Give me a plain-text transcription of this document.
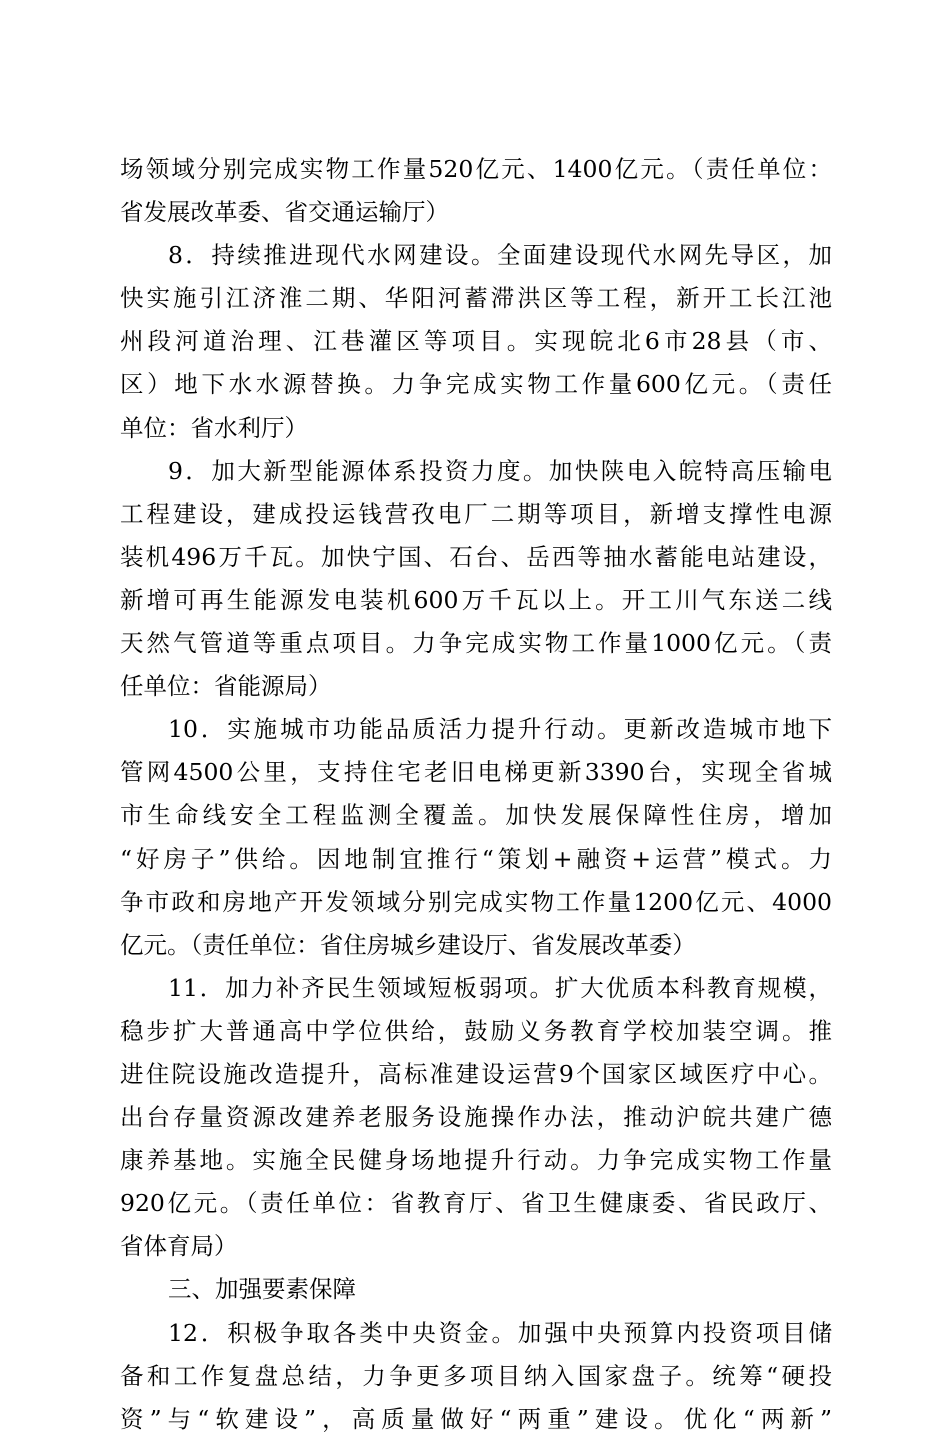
场领域分别完成实物工作量520亿元、1400亿元。（责任单位：
省发展改革委、省交通运输厅）
8．持续推进现代水网建设。全面建设现代水网先导区，加
快实施引江济淮二期、华阳河蓄滞洪区等工程，新开工长江池
州段河道治理、江巷灌区等项目。实现皖北6市28县（市、
区）地下水水源替换。力争完成实物工作量600亿元。（责任
单位：省水利厅）
9．加大新型能源体系投资力度。加快陕电入皖特高压输电
工程建设，建成投运钱营孜电厂二期等项目，新增支撑性电源
装机496万千瓦。加快宁国、石台、岳西等抽水蓄能电站建设，
新增可再生能源发电装机600万千瓦以上。开工川气东送二线
天然气管道等重点项目。力争完成实物工作量1000亿元。（责
任单位：省能源局）
10．实施城市功能品质活力提升行动。更新改造城市地下
管网4500公里，支持住宅老旧电梯更新3390台，实现全省城
市生命线安全工程监测全覆盖。加快发展保障性住房，增加
“好房子”供给。因地制宜推行“策划+融资+运营”模式。力
争市政和房地产开发领域分别完成实物工作量1200亿元、4000
亿元。（责任单位：省住房城乡建设厅、省发展改革委）
11．加力补齐民生领域短板弱项。扩大优质本科教育规模，
稳步扩大普通高中学位供给，鼓励义务教育学校加装空调。推
进住院设施改造提升，高标准建设运营9个国家区域医疗中心。
出台存量资源改建养老服务设施操作办法，推动沪皖共建广德
康养基地。实施全民健身场地提升行动。力争完成实物工作量
920亿元。（责任单位：省教育厅、省卫生健康委、省民政厅、
省体育局）
三、加强要素保障
12．积极争取各类中央资金。加强中央预算内投资项目储
备和工作复盘总结，力争更多项目纳入国家盘子。统筹“硬投
资”与“软建设”，高质量做好“两重”建设。优化“两新”
